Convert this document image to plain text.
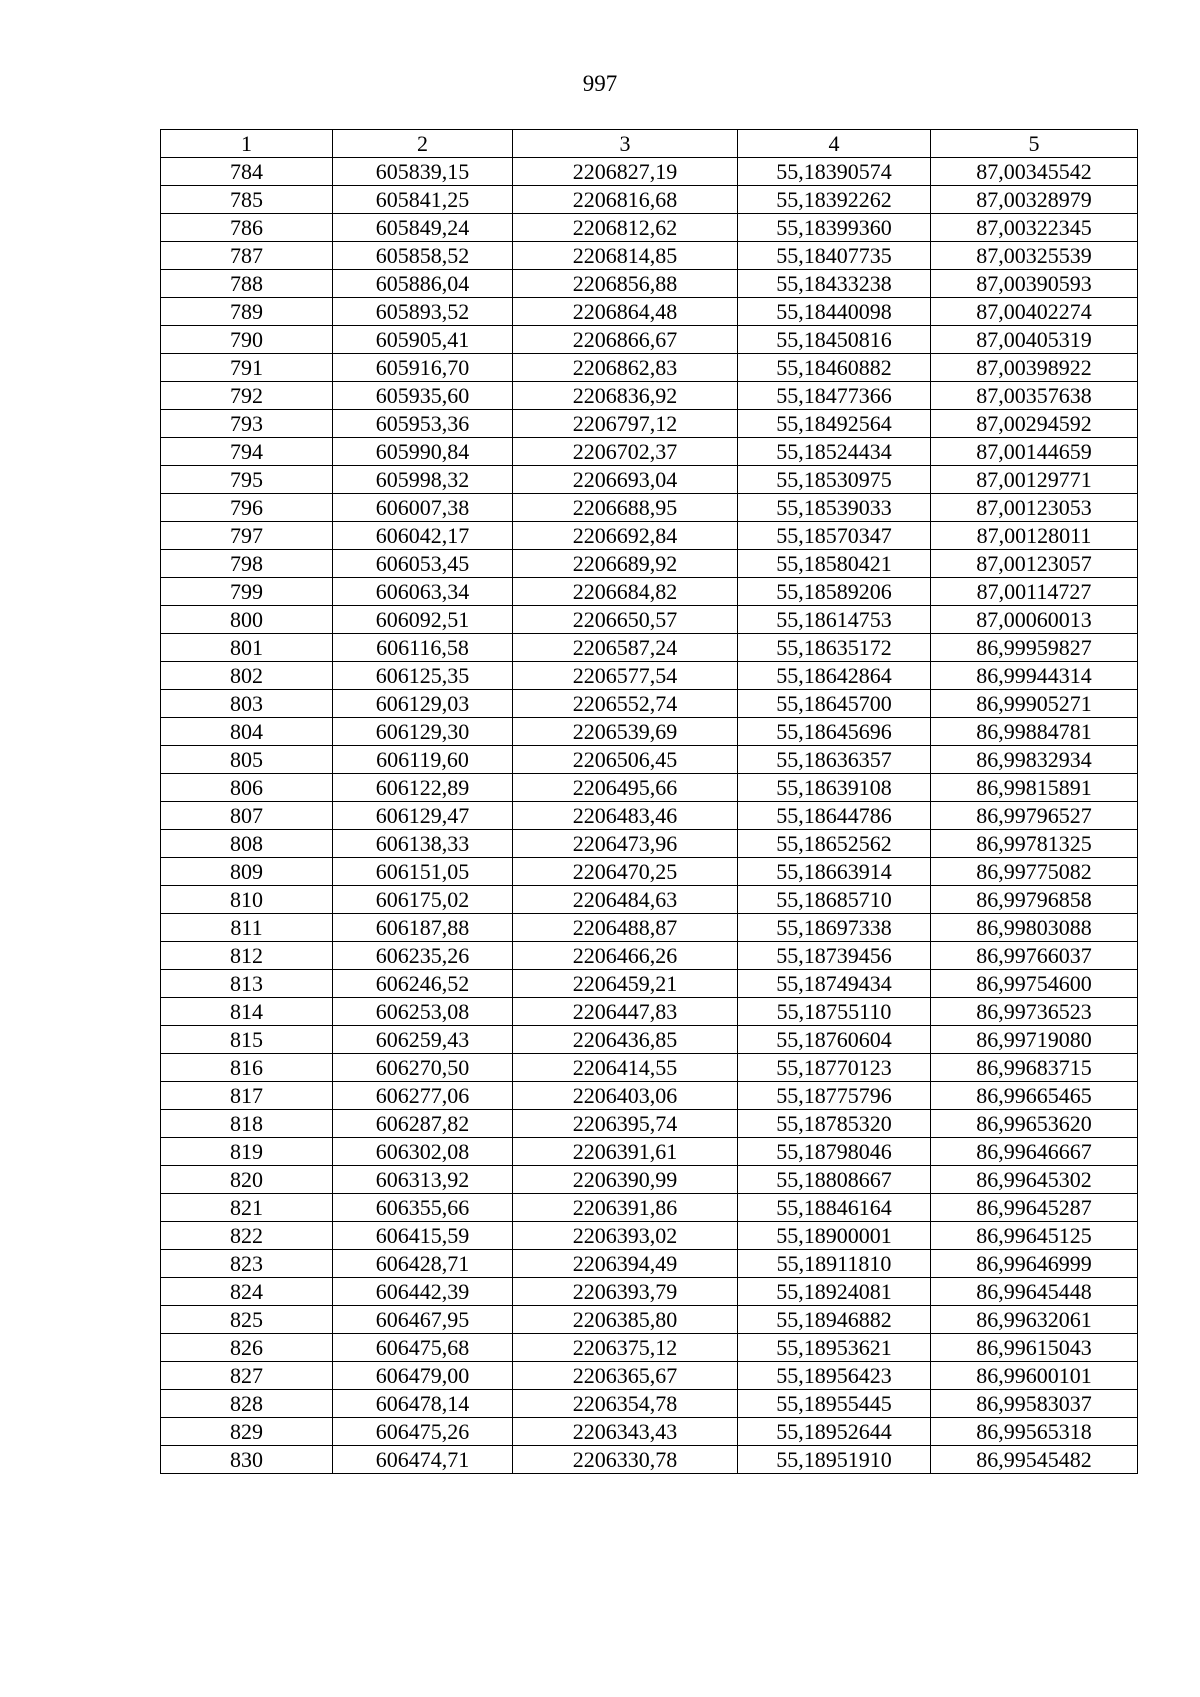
997
1	2	3	4	5
784	605839,15	2206827,19	55,18390574	87,00345542
785	605841,25	2206816,68	55,18392262	87,00328979
786	605849,24	2206812,62	55,18399360	87,00322345
787	605858,52	2206814,85	55,18407735	87,00325539
788	605886,04	2206856,88	55,18433238	87,00390593
789	605893,52	2206864,48	55,18440098	87,00402274
790	605905,41	2206866,67	55,18450816	87,00405319
791	605916,70	2206862,83	55,18460882	87,00398922
792	605935,60	2206836,92	55,18477366	87,00357638
793	605953,36	2206797,12	55,18492564	87,00294592
794	605990,84	2206702,37	55,18524434	87,00144659
795	605998,32	2206693,04	55,18530975	87,00129771
796	606007,38	2206688,95	55,18539033	87,00123053
797	606042,17	2206692,84	55,18570347	87,00128011
798	606053,45	2206689,92	55,18580421	87,00123057
799	606063,34	2206684,82	55,18589206	87,00114727
800	606092,51	2206650,57	55,18614753	87,00060013
801	606116,58	2206587,24	55,18635172	86,99959827
802	606125,35	2206577,54	55,18642864	86,99944314
803	606129,03	2206552,74	55,18645700	86,99905271
804	606129,30	2206539,69	55,18645696	86,99884781
805	606119,60	2206506,45	55,18636357	86,99832934
806	606122,89	2206495,66	55,18639108	86,99815891
807	606129,47	2206483,46	55,18644786	86,99796527
808	606138,33	2206473,96	55,18652562	86,99781325
809	606151,05	2206470,25	55,18663914	86,99775082
810	606175,02	2206484,63	55,18685710	86,99796858
811	606187,88	2206488,87	55,18697338	86,99803088
812	606235,26	2206466,26	55,18739456	86,99766037
813	606246,52	2206459,21	55,18749434	86,99754600
814	606253,08	2206447,83	55,18755110	86,99736523
815	606259,43	2206436,85	55,18760604	86,99719080
816	606270,50	2206414,55	55,18770123	86,99683715
817	606277,06	2206403,06	55,18775796	86,99665465
818	606287,82	2206395,74	55,18785320	86,99653620
819	606302,08	2206391,61	55,18798046	86,99646667
820	606313,92	2206390,99	55,18808667	86,99645302
821	606355,66	2206391,86	55,18846164	86,99645287
822	606415,59	2206393,02	55,18900001	86,99645125
823	606428,71	2206394,49	55,18911810	86,99646999
824	606442,39	2206393,79	55,18924081	86,99645448
825	606467,95	2206385,80	55,18946882	86,99632061
826	606475,68	2206375,12	55,18953621	86,99615043
827	606479,00	2206365,67	55,18956423	86,99600101
828	606478,14	2206354,78	55,18955445	86,99583037
829	606475,26	2206343,43	55,18952644	86,99565318
830	606474,71	2206330,78	55,18951910	86,99545482
